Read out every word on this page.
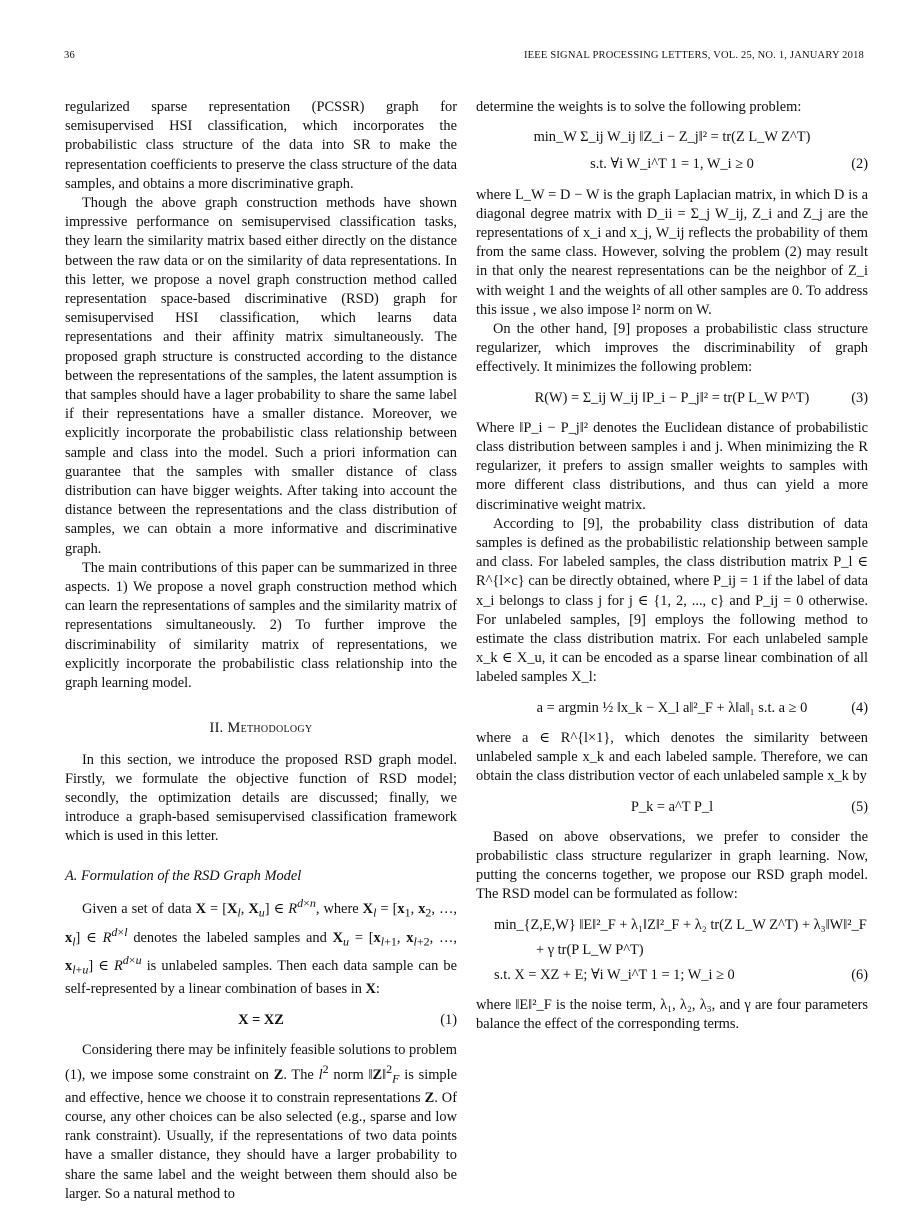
36	IEEE SIGNAL PROCESSING LETTERS, VOL. 25, NO. 1, JANUARY 2018

regularized sparse representation (PCSSR) graph for semisupervised HSI classification, which incorporates the probabilistic class structure of the data into SR to make the representation coefficients to preserve the class structure of the data samples, and obtains a more discriminative graph.

Though the above graph construction methods have shown impressive performance on semisupervised classification tasks, they learn the similarity matrix based either directly on the distance between the raw data or on the similarity of data representations. In this letter, we propose a novel graph construction method called representation space-based discriminative (RSD) graph for semisupervised HSI classification, which learns data representations and their affinity matrix simultaneously. The proposed graph structure is constructed according to the distance between the representations of the samples, the latent assumption is that samples should have a lager probability to share the same label if their representations have a smaller distance. Moreover, we explicitly incorporate the probabilistic class relationship between sample and class into the model. Such a priori information can guarantee that the samples with smaller distance of class distribution can have bigger weights. After taking into account the distance between the representations and the class distribution of samples, we can obtain a more informative and discriminative graph.

The main contributions of this paper can be summarized in three aspects. 1) We propose a novel graph construction method which can learn the representations of samples and the similarity matrix of representations simultaneously. 2) To further improve the discriminability of similarity matrix of representations, we explicitly incorporate the probabilistic class relationship into the graph learning model.

II. Methodology

In this section, we introduce the proposed RSD graph model. Firstly, we formulate the objective function of RSD model; secondly, the optimization details are discussed; finally, we introduce a graph-based semisupervised classification framework which is used in this letter.

A. Formulation of the RSD Graph Model

Given a set of data $X = [X_l$, $X_u$] ∈ $R^{d\times n}$, where $X_l = [x_1$, $x_2$, …, $x_l$] ∈ $R^{d\times l}$ denotes the labeled samples and $X_u = [x_{l+1}$, $x_{l+2}$, …, $x_{l+u}$] ∈ $R^{d\times u}$ is unlabeled samples. Then each data sample can be self-represented by a linear combination of bases in X:

X = XZ	(1)

Considering there may be infinitely feasible solutions to problem (1), we impose some constraint on Z. The $l^2$ norm ‖Z‖$^2_F$ is simple and effective, hence we choose it to constrain representations Z. Of course, any other choices can be also selected (e.g., sparse and low rank constraint). Usually, if the representations of two data points have a smaller distance, they should have a larger probability to share the same label and the weight between them should also be larger. So a natural method to

determine the weights is to solve the following problem:

min_W Σ_ij W_ij ‖Z_i − Z_j‖² = tr(Z L_W Z^T)
s.t. ∀i W_i^T 1 = 1, W_i ≥ 0	(2)

where L_W = D − W is the graph Laplacian matrix, in which D is a diagonal degree matrix with D_ii = Σ_j W_ij, Z_i and Z_j are the representations of x_i and x_j, W_ij reflects the probability of them from the same class. However, solving the problem (2) may result in that only the nearest representations can be the neighbor of Z_i with weight 1 and the weights of all other samples are 0. To address this issue , we also impose l² norm on W.

On the other hand, [9] proposes a probabilistic class structure regularizer, which improves the discriminability of graph effectively. It minimizes the following problem:

R(W) = Σ_ij W_ij ‖P_i − P_j‖² = tr(P L_W P^T)	(3)

Where ‖P_i − P_j‖² denotes the Euclidean distance of probabilistic class distribution between samples i and j. When minimizing the R regularizer, it prefers to assign smaller weights to samples with more different class distributions, and thus can yield a more discriminative weight matrix.

According to [9], the probability class distribution of data samples is defined as the probabilistic relationship between sample and class. For labeled samples, the class distribution matrix P_l ∈ R^{l×c} can be directly obtained, where P_ij = 1 if the label of data x_i belongs to class j for j ∈ {1, 2, ..., c} and P_ij = 0 otherwise. For unlabeled samples, [9] employs the following method to estimate the class distribution matrix. For each unlabeled sample x_k ∈ X_u, it can be encoded as a sparse linear combination of all labeled samples X_l:

a = argmin ½ ‖x_k − X_l a‖²_F + λ‖a‖₁ s.t. a ≥ 0	(4)

where a ∈ R^{l×1}, which denotes the similarity between unlabeled sample x_k and each labeled sample. Therefore, we can obtain the class distribution vector of each unlabeled sample x_k by

P_k = a^T P_l	(5)

Based on above observations, we prefer to consider the probabilistic class structure regularizer in graph learning. Now, putting the concerns together, we propose our RSD graph model. The RSD model can be formulated as follow:

min_{Z,E,W} ‖E‖²_F + λ₁‖Z‖²_F + λ₂ tr(Z L_W Z^T) + λ₃‖W‖²_F
+ γ tr(P L_W P^T)
s.t. X = XZ + E; ∀i W_i^T 1 = 1; W_i ≥ 0	(6)

where ‖E‖²_F is the noise term, λ₁, λ₂, λ₃, and γ are four parameters balance the effect of the corresponding terms.
